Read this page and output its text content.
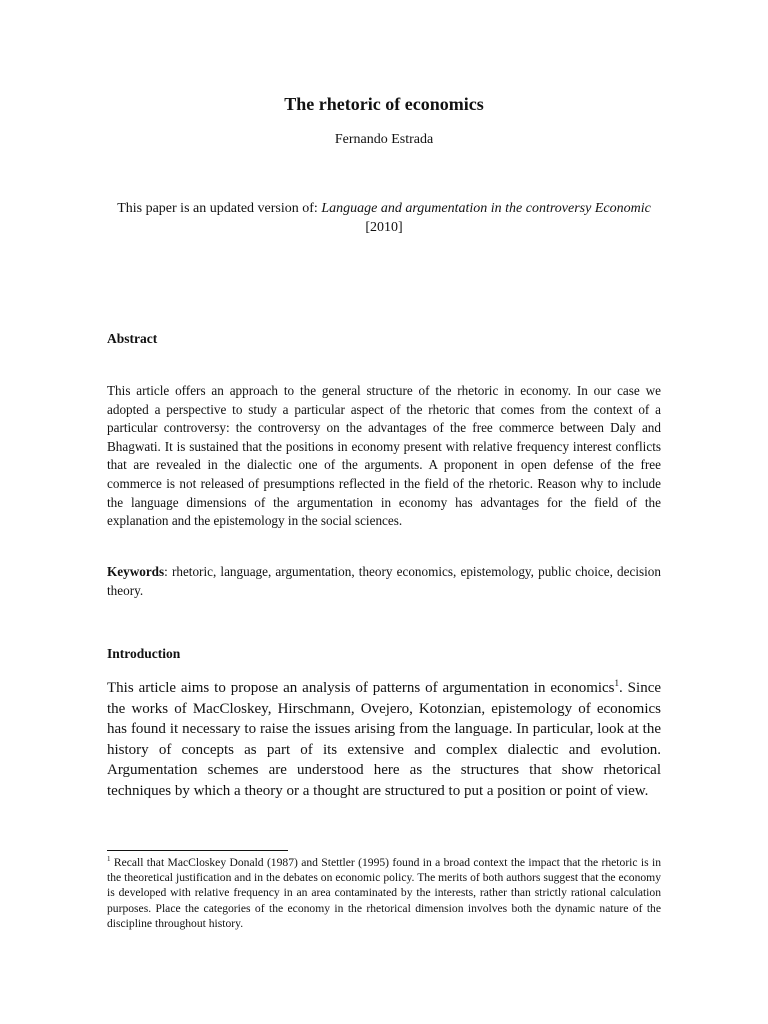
The rhetoric of economics
Fernando Estrada
This paper is an updated version of: Language and argumentation in the controversy Economic [2010]
Abstract
This article offers an approach to the general structure of the rhetoric in economy. In our case we adopted a perspective to study a particular aspect of the rhetoric that comes from the context of a particular controversy: the controversy on the advantages of the free commerce between Daly and Bhagwati. It is sustained that the positions in economy present with relative frequency interest conflicts that are revealed in the dialectic one of the arguments. A proponent in open defense of the free commerce is not released of presumptions reflected in the field of the rhetoric. Reason why to include the language dimensions of the argumentation in economy has advantages for the field of the explanation and the epistemology in the social sciences.
Keywords: rhetoric, language, argumentation, theory economics, epistemology, public choice, decision theory.
Introduction
This article aims to propose an analysis of patterns of argumentation in economics$^1$. Since the works of MacCloskey, Hirschmann, Ovejero, Kotonzian, epistemology of economics has found it necessary to raise the issues arising from the language. In particular, look at the history of concepts as part of its extensive and complex dialectic and evolution. Argumentation schemes are understood here as the structures that show rhetorical techniques by which a theory or a thought are structured to put a position or point of view.
$^1$ Recall that MacCloskey Donald (1987) and Stettler (1995) found in a broad context the impact that the rhetoric is in the theoretical justification and in the debates on economic policy. The merits of both authors suggest that the economy is developed with relative frequency in an area contaminated by the interests, rather than strictly rational calculation purposes. Place the categories of the economy in the rhetorical dimension involves both the dynamic nature of the discipline throughout history.
